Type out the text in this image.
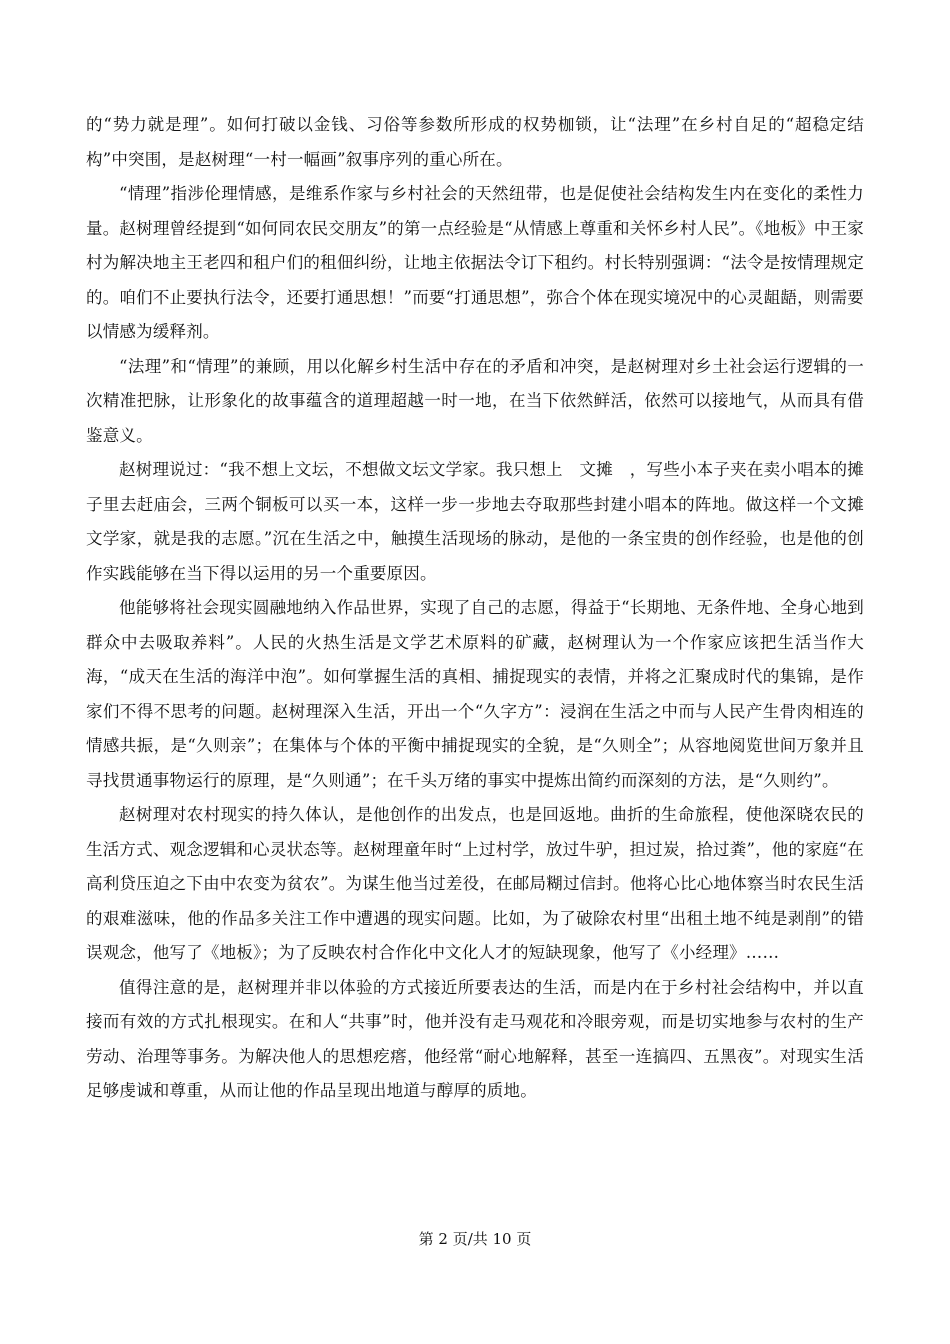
的“势力就是理”。如何打破以金钱、习俗等参数所形成的权势枷锁，让“法理”在乡村自足的“超稳定结构”中突围，是赵树理“一村一幅画”叙事序列的重心所在。

“情理”指涉伦理情感，是维系作家与乡村社会的天然纽带，也是促使社会结构发生内在变化的柔性力量。赵树理曾经提到“如何同农民交朋友”的第一点经验是“从情感上尊重和关怀乡村人民”。《地板》中王家村为解决地主王老四和租户们的租佃纠纷，让地主依据法令订下租约。村长特别强调：“法令是按情理规定的。咱们不止要执行法令，还要打通思想！”而要“打通思想”，弥合个体在现实境况中的心灵龃龉，则需要以情感为缓释剂。

“法理”和“情理”的兼顾，用以化解乡村生活中存在的矛盾和冲突，是赵树理对乡土社会运行逻辑的一次精准把脉，让形象化的故事蕴含的道理超越一时一地，在当下依然鲜活，依然可以接地气，从而具有借鉴意义。

赵树理说过：“我不想上文坛，不想做文坛文学家。我只想上　文摊　，写些小本子夹在卖小唱本的摊子里去赶庙会，三两个铜板可以买一本，这样一步一步地去夺取那些封建小唱本的阵地。做这样一个文摊文学家，就是我的志愿。”沉在生活之中，触摸生活现场的脉动，是他的一条宝贵的创作经验，也是他的创作实践能够在当下得以运用的另一个重要原因。

他能够将社会现实圆融地纳入作品世界，实现了自己的志愿，得益于“长期地、无条件地、全身心地到群众中去吸取养料”。人民的火热生活是文学艺术原料的矿藏，赵树理认为一个作家应该把生活当作大海，“成天在生活的海洋中泡”。如何掌握生活的真相、捕捉现实的表情，并将之汇聚成时代的集锦，是作家们不得不思考的问题。赵树理深入生活，开出一个“久字方”：浸润在生活之中而与人民产生骨肉相连的情感共振，是“久则亲”；在集体与个体的平衡中捕捉现实的全貌，是“久则全”；从容地阅览世间万象并且寻找贯通事物运行的原理，是“久则通”；在千头万绪的事实中提炼出简约而深刻的方法，是“久则约”。

赵树理对农村现实的持久体认，是他创作的出发点，也是回返地。曲折的生命旅程，使他深晓农民的生活方式、观念逻辑和心灵状态等。赵树理童年时“上过村学，放过牛驴，担过炭，拾过粪”，他的家庭“在高利贷压迫之下由中农变为贫农”。为谋生他当过差役，在邮局糊过信封。他将心比心地体察当时农民生活的艰难滋味，他的作品多关注工作中遭遇的现实问题。比如，为了破除农村里“出租土地不纯是剥削”的错误观念，他写了《地板》；为了反映农村合作化中文化人才的短缺现象，他写了《小经理》……

值得注意的是，赵树理并非以体验的方式接近所要表达的生活，而是内在于乡村社会结构中，并以直接而有效的方式扎根现实。在和人“共事”时，他并没有走马观花和冷眼旁观，而是切实地参与农村的生产劳动、治理等事务。为解决他人的思想疙瘩，他经常“耐心地解释，甚至一连搞四、五黑夜”。对现实生活足够虔诚和尊重，从而让他的作品呈现出地道与醇厚的质地。

第 2 页/共 10 页
